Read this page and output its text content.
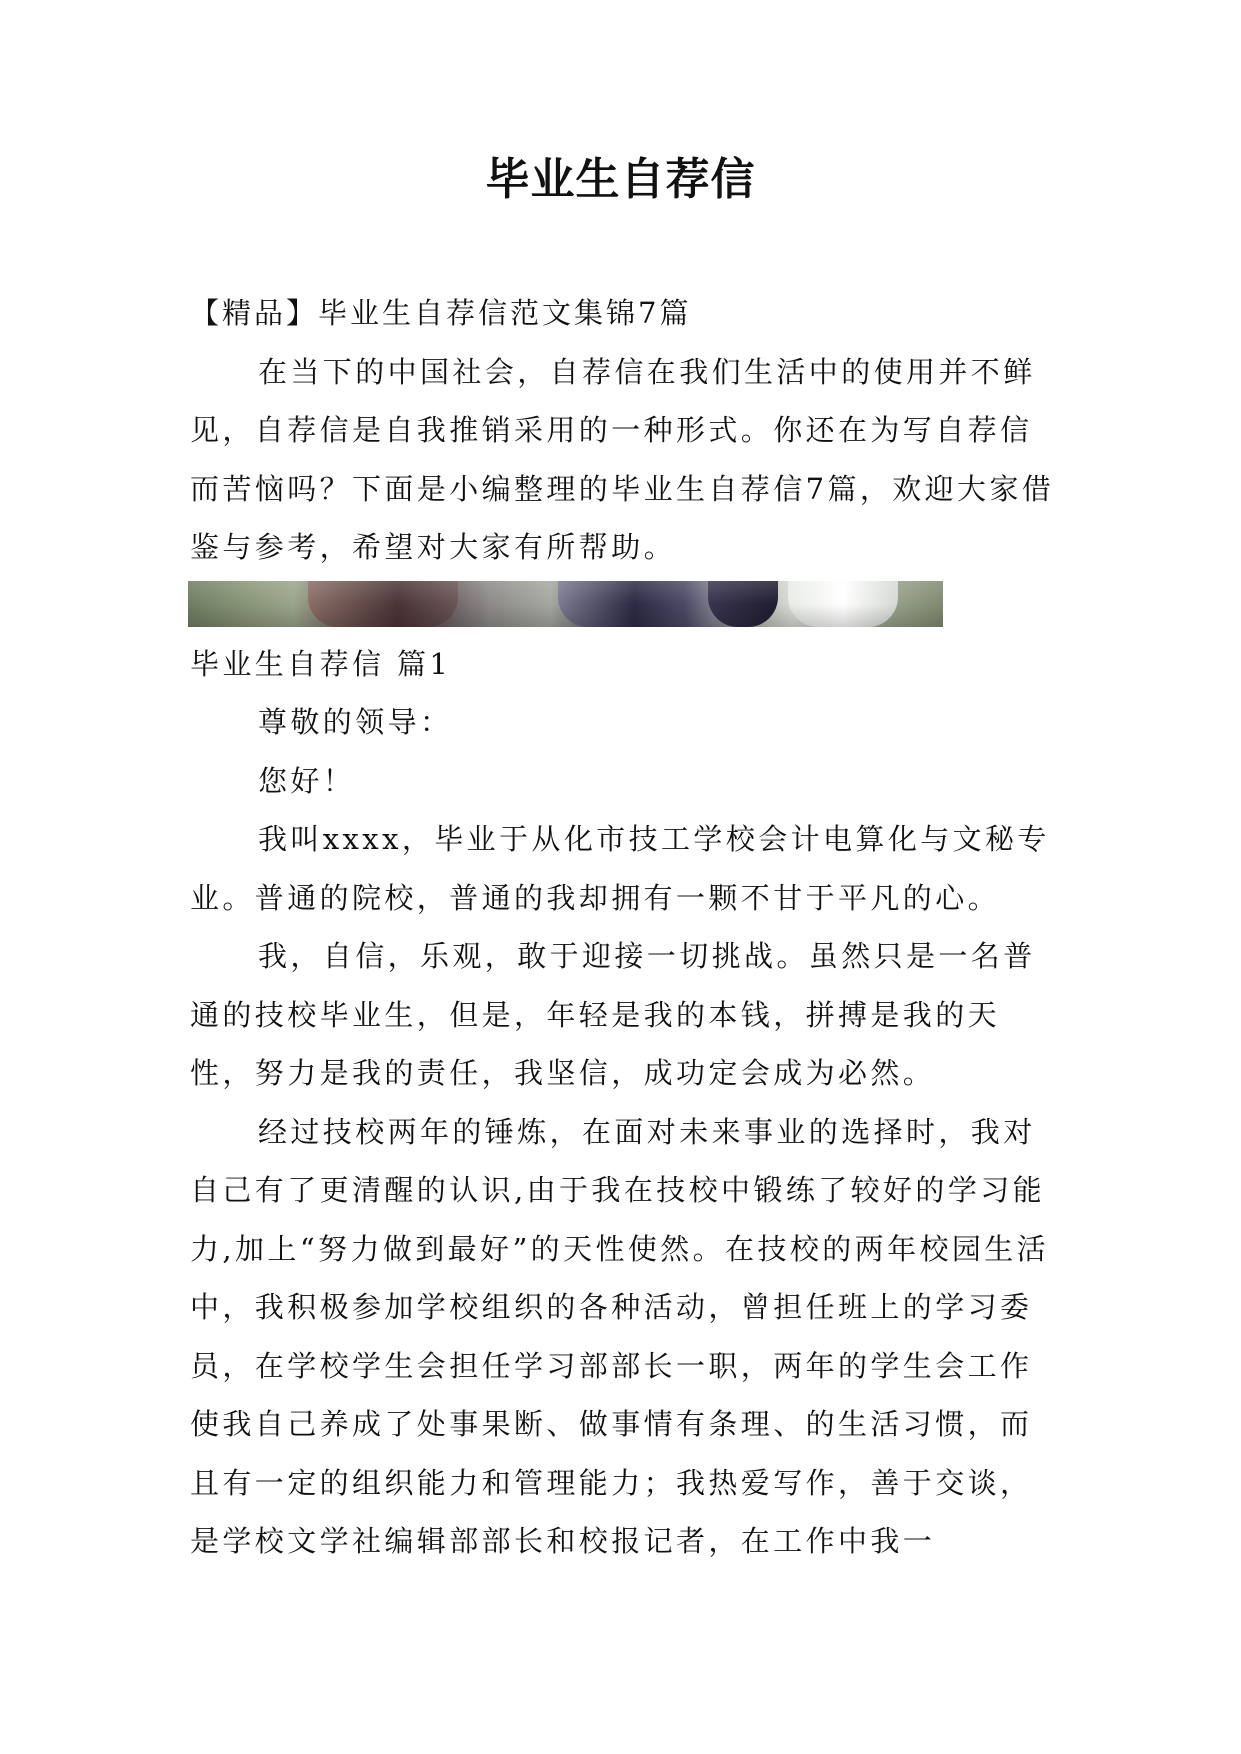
毕业生自荐信

【精品】毕业生自荐信范文集锦7篇

在当下的中国社会，自荐信在我们生活中的使用并不鲜见，自荐信是自我推销采用的一种形式。你还在为写自荐信而苦恼吗？下面是小编整理的毕业生自荐信7篇，欢迎大家借鉴与参考，希望对大家有所帮助。

毕业生自荐信 篇1

尊敬的领导：

您好！

我叫xxxx，毕业于从化市技工学校会计电算化与文秘专业。普通的院校，普通的我却拥有一颗不甘于平凡的心。

我，自信，乐观，敢于迎接一切挑战。虽然只是一名普通的技校毕业生，但是，年轻是我的本钱，拼搏是我的天性，努力是我的责任，我坚信，成功定会成为必然。

经过技校两年的锤炼，在面对未来事业的选择时，我对自己有了更清醒的认识,由于我在技校中锻练了较好的学习能力,加上“努力做到最好”的天性使然。在技校的两年校园生活中，我积极参加学校组织的各种活动，曾担任班上的学习委员，在学校学生会担任学习部部长一职，两年的学生会工作使我自己养成了处事果断、做事情有条理、的生活习惯，而且有一定的组织能力和管理能力；我热爱写作，善于交谈，是学校文学社编辑部部长和校报记者，在工作中我一
